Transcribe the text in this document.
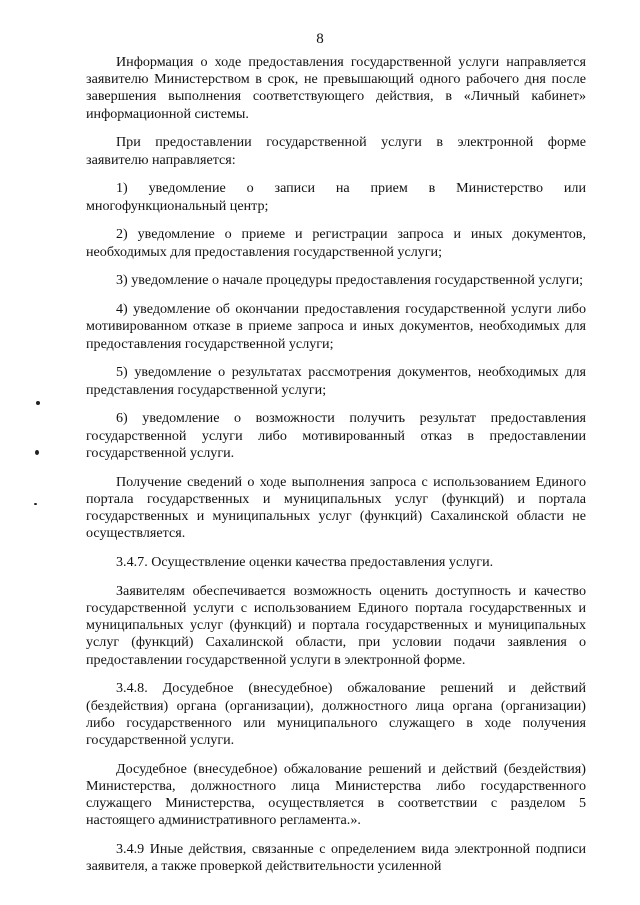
8

Информация о ходе предоставления государственной услуги направляется заявителю Министерством в срок, не превышающий одного рабочего дня после завершения выполнения соответствующего действия, в «Личный кабинет» информационной системы.

При предоставлении государственной услуги в электронной форме заявителю направляется:

1) уведомление о записи на прием в Министерство или многофункциональный центр;

2) уведомление о приеме и регистрации запроса и иных документов, необходимых для предоставления государственной услуги;

3) уведомление о начале процедуры предоставления государственной услуги;

4) уведомление об окончании предоставления государственной услуги либо мотивированном отказе в приеме запроса и иных документов, необходимых для предоставления государственной услуги;

5) уведомление о результатах рассмотрения документов, необходимых для представления государственной услуги;

6) уведомление о возможности получить результат предоставления государственной услуги либо мотивированный отказ в предоставлении государственной услуги.

Получение сведений о ходе выполнения запроса с использованием Единого портала государственных и муниципальных услуг (функций) и портала государственных и муниципальных услуг (функций) Сахалинской области не осуществляется.

3.4.7. Осуществление оценки качества предоставления услуги.

Заявителям обеспечивается возможность оценить доступность и качество государственной услуги с использованием Единого портала государственных и муниципальных услуг (функций) и портала государственных и муниципальных услуг (функций) Сахалинской области, при условии подачи заявления о предоставлении государственной услуги в электронной форме.

3.4.8. Досудебное (внесудебное) обжалование решений и действий (бездействия) органа (организации), должностного лица органа (организации) либо государственного или муниципального служащего в ходе получения государственной услуги.

Досудебное (внесудебное) обжалование решений и действий (бездействия) Министерства, должностного лица Министерства либо государственного служащего Министерства, осуществляется в соответствии с разделом 5 настоящего административного регламента.».

3.4.9 Иные действия, связанные с определением вида электронной подписи заявителя, а также проверкой действительности усиленной
